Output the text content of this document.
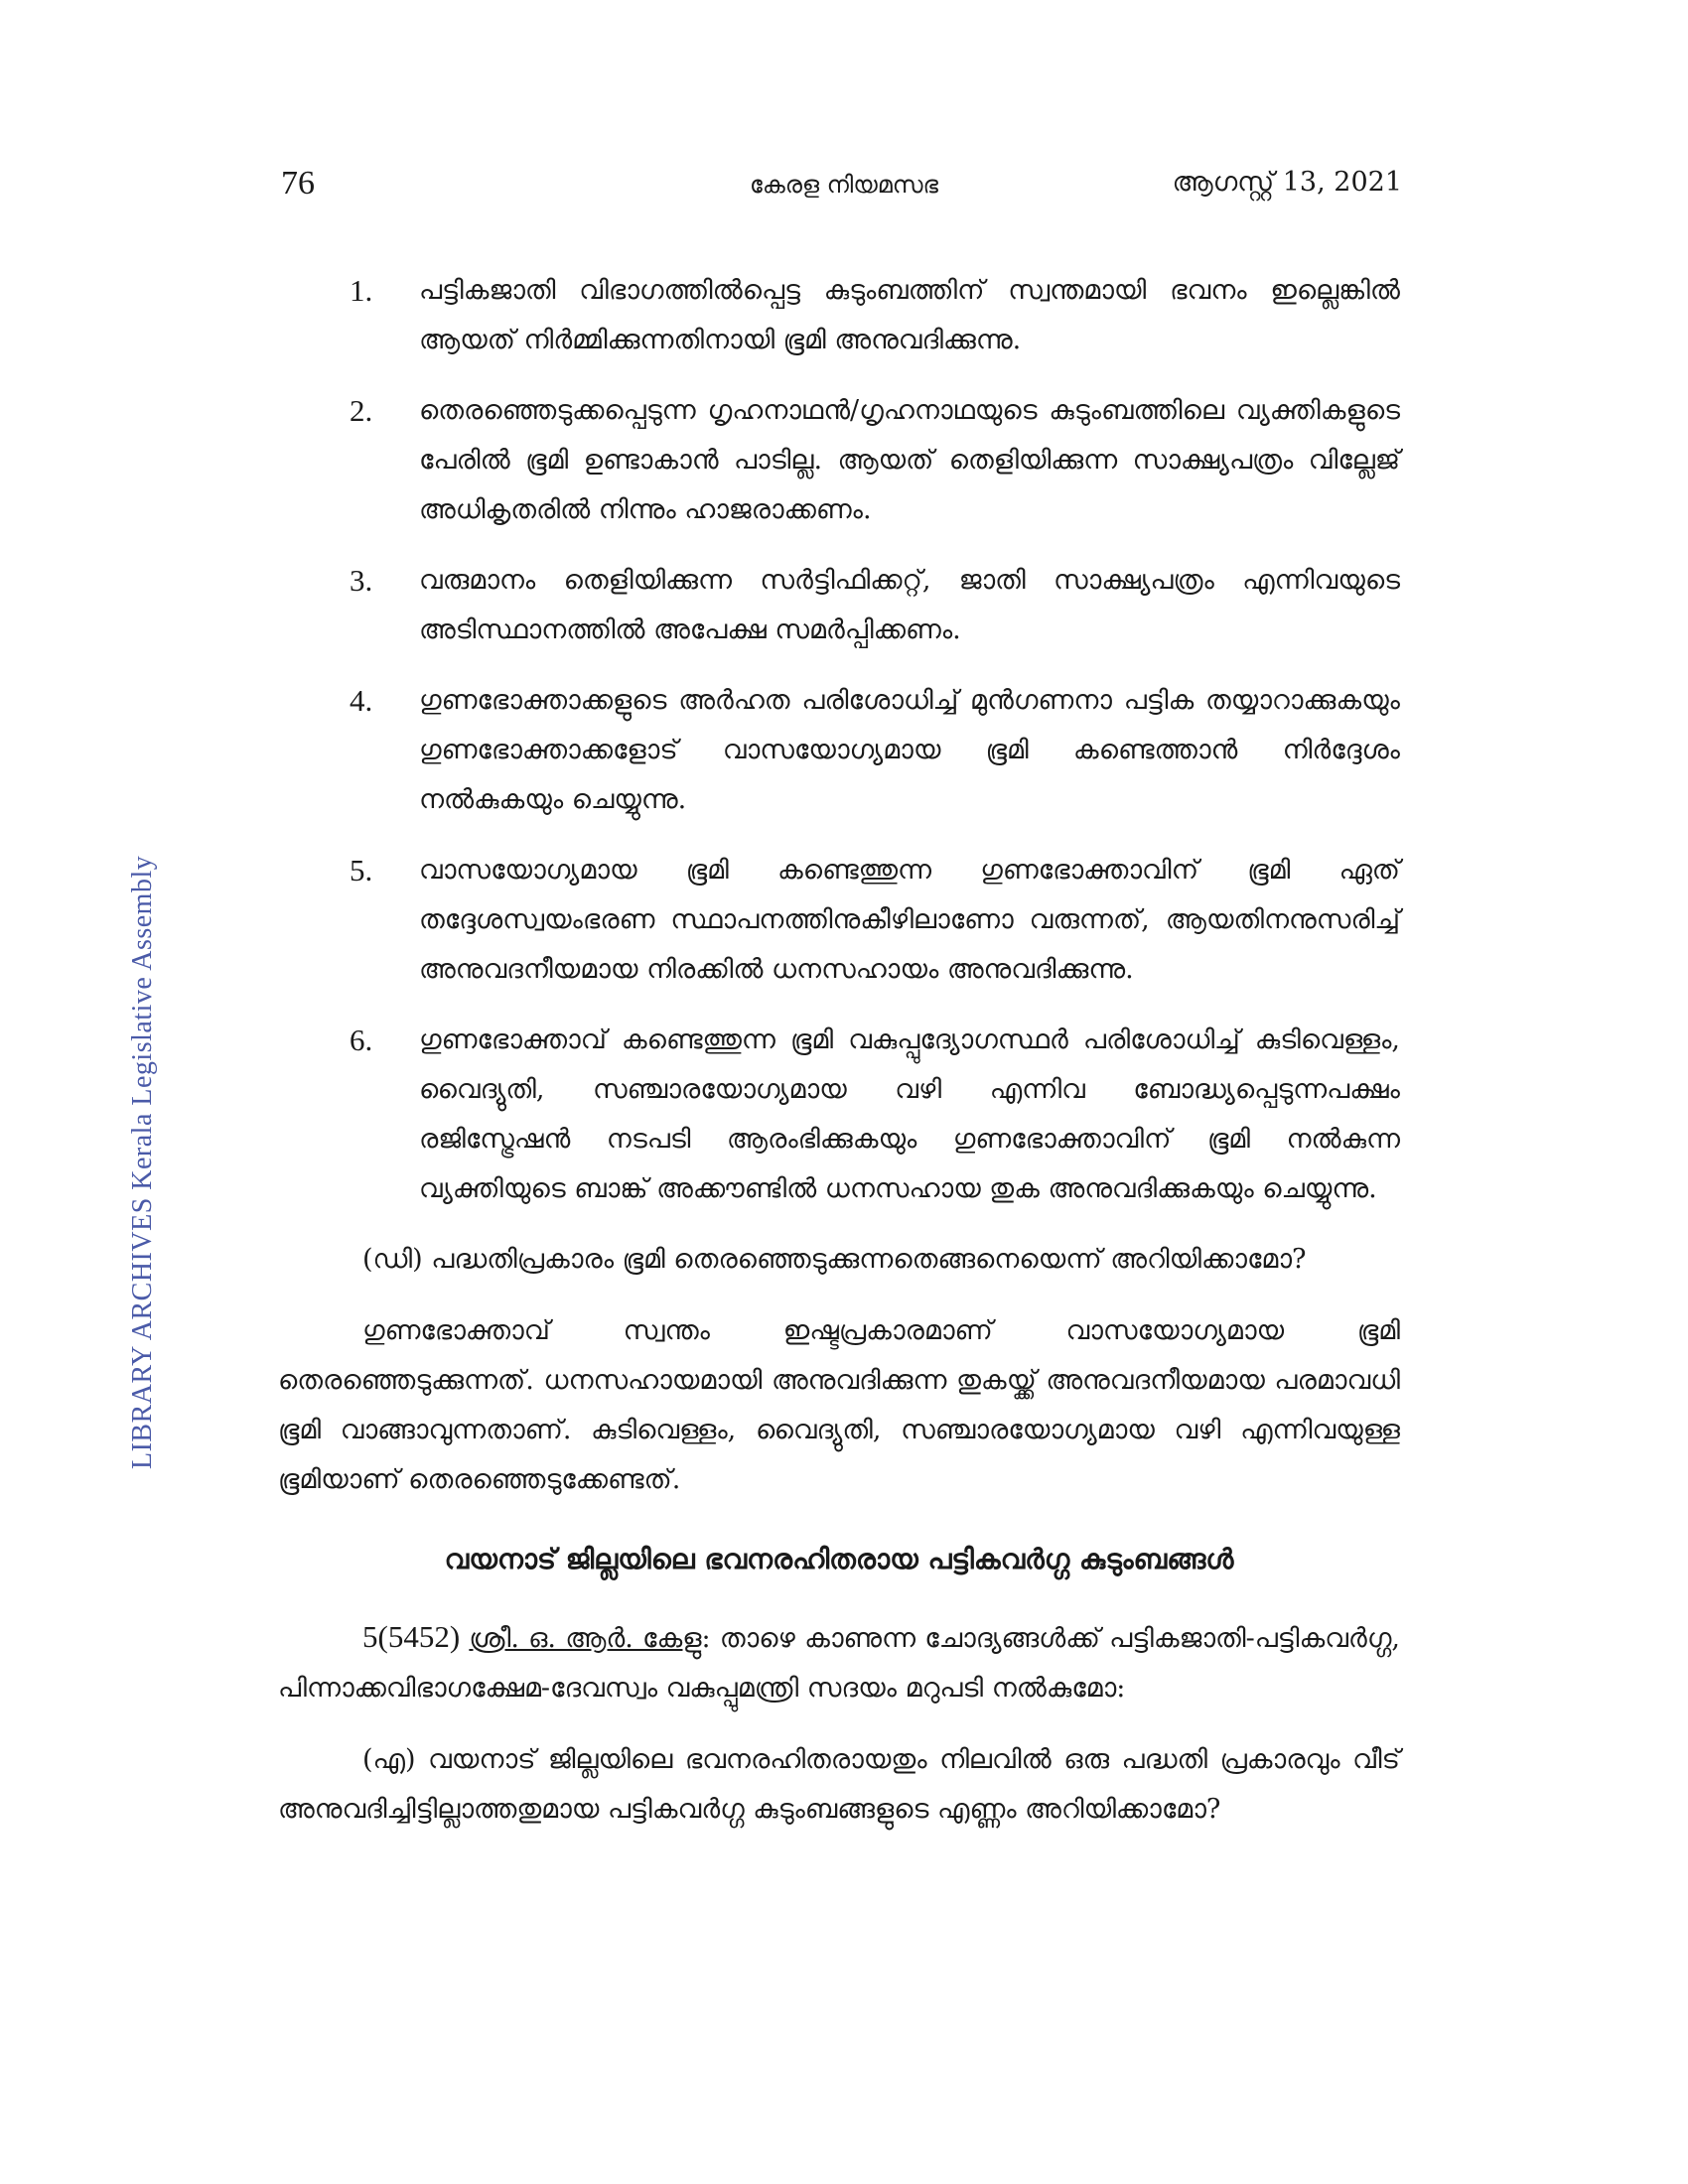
76	കേരള നിയമസഭ	ആഗസ്റ്റ് 13, 2021
LIBRARY ARCHIVES Kerala Legislative Assembly
1.	പട്ടികജാതി വിഭാഗത്തിൽപ്പെട്ട കുടുംബത്തിന് സ്വന്തമായി ഭവനം ഇല്ലെങ്കിൽ ആയത് നിർമ്മിക്കുന്നതിനായി ഭൂമി അനുവദിക്കുന്നു.
2.	തെരഞ്ഞെടുക്കപ്പെടുന്ന ഗൃഹനാഥൻ/ഗൃഹനാഥയുടെ കുടുംബത്തിലെ വ്യക്തികളുടെ പേരിൽ ഭൂമി ഉണ്ടാകാൻ പാടില്ല. ആയത് തെളിയിക്കുന്ന സാക്ഷ്യപത്രം വില്ലേജ് അധികൃതരിൽ നിന്നും ഹാജരാക്കണം.
3.	വരുമാനം തെളിയിക്കുന്ന സർട്ടിഫിക്കറ്റ്, ജാതി സാക്ഷ്യപത്രം എന്നിവയുടെ അടിസ്ഥാനത്തിൽ അപേക്ഷ സമർപ്പിക്കണം.
4.	ഗുണഭോക്താക്കളുടെ അർഹത പരിശോധിച്ച് മുൻഗണനാ പട്ടിക തയ്യാറാക്കുകയും ഗുണഭോക്താക്കളോട് വാസയോഗ്യമായ ഭൂമി കണ്ടെത്താൻ നിർദ്ദേശം നൽകുകയും ചെയ്യുന്നു.
5.	വാസയോഗ്യമായ ഭൂമി കണ്ടെത്തുന്ന ഗുണഭോക്താവിന് ഭൂമി ഏത് തദ്ദേശസ്വയംഭരണ സ്ഥാപനത്തിനുകീഴിലാണോ വരുന്നത്, ആയതിനനുസരിച്ച് അനുവദനീയമായ നിരക്കിൽ ധനസഹായം അനുവദിക്കുന്നു.
6.	ഗുണഭോക്താവ് കണ്ടെത്തുന്ന ഭൂമി വകുപ്പുദ്യോഗസ്ഥർ പരിശോധിച്ച് കുടിവെള്ളം, വൈദ്യുതി, സഞ്ചാരയോഗ്യമായ വഴി എന്നിവ ബോദ്ധ്യപ്പെടുന്നപക്ഷം രജിസ്ട്രേഷൻ നടപടി ആരംഭിക്കുകയും ഗുണഭോക്താവിന് ഭൂമി നൽകുന്ന വ്യക്തിയുടെ ബാങ്ക് അക്കൗണ്ടിൽ ധനസഹായ തുക അനുവദിക്കുകയും ചെയ്യുന്നു.

(ഡി) പദ്ധതിപ്രകാരം ഭൂമി തെരഞ്ഞെടുക്കുന്നതെങ്ങനെയെന്ന് അറിയിക്കാമോ?

ഗുണഭോക്താവ് സ്വന്തം ഇഷ്ടപ്രകാരമാണ് വാസയോഗ്യമായ ഭൂമി തെരഞ്ഞെടുക്കുന്നത്. ധനസഹായമായി അനുവദിക്കുന്ന തുകയ്ക്ക് അനുവദനീയമായ പരമാവധി ഭൂമി വാങ്ങാവുന്നതാണ്. കുടിവെള്ളം, വൈദ്യുതി, സഞ്ചാരയോഗ്യമായ വഴി എന്നിവയുള്ള ഭൂമിയാണ് തെരഞ്ഞെടുക്കേണ്ടത്.

വയനാട് ജില്ലയിലെ ഭവനരഹിതരായ പട്ടികവർഗ്ഗ കുടുംബങ്ങൾ

5(5452) ശ്രീ. ഒ. ആർ. കേളു: താഴെ കാണുന്ന ചോദ്യങ്ങൾക്ക് പട്ടികജാതി-പട്ടികവർഗ്ഗ, പിന്നാക്കവിഭാഗക്ഷേമ-ദേവസ്വം വകുപ്പുമന്ത്രി സദയം മറുപടി നൽകുമോ:

(എ) വയനാട് ജില്ലയിലെ ഭവനരഹിതരായതും നിലവിൽ ഒരു പദ്ധതി പ്രകാരവും വീട് അനുവദിച്ചിട്ടില്ലാത്തതുമായ പട്ടികവർഗ്ഗ കുടുംബങ്ങളുടെ എണ്ണം അറിയിക്കാമോ?
